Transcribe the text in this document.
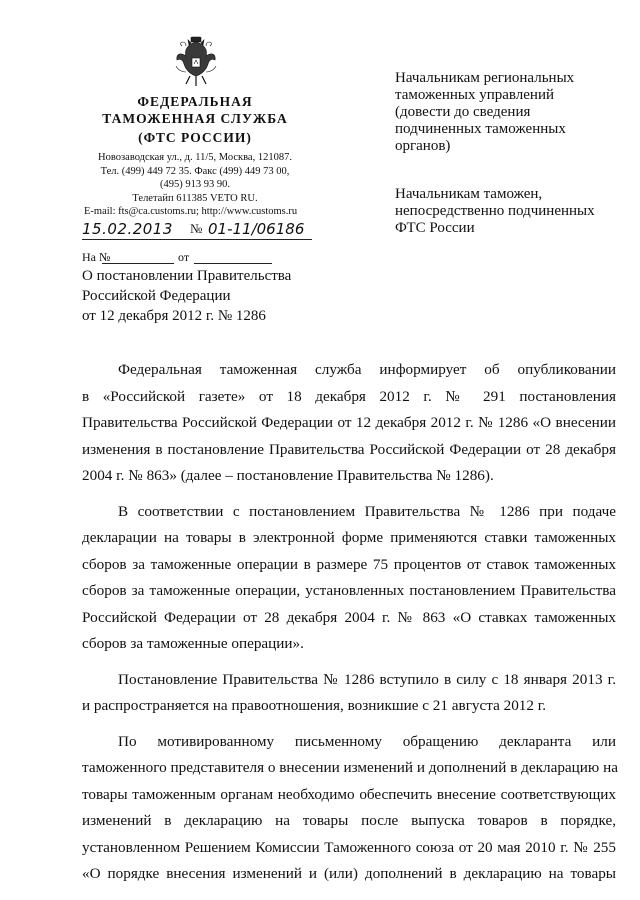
ФЕДЕРАЛЬНАЯ
ТАМОЖЕННАЯ СЛУЖБА
(ФТС РОССИИ)
Новозаводская ул., д. 11/5, Москва, 121087.
Тел. (499) 449 72 35. Факс (499) 449 73 00,
(495) 913 93 90.
Телетайп 611385 VETO RU.
E-mail: fts@ca.customs.ru; http://www.customs.ru
15.02.2013 № 01-11/06186
На №	от
О постановлении Правительства
Российской Федерации
от 12 декабря 2012 г. № 1286
Начальникам региональных
таможенных управлений
(довести до сведения
подчиненных таможенных
органов)
Начальникам таможен,
непосредственно подчиненных
ФТС России

Федеральная таможенная служба информирует об опубликовании
в «Российской газете» от 18 декабря 2012 г. № 291 постановления
Правительства Российской Федерации от 12 декабря 2012 г. № 1286 «О внесении
изменения в постановление Правительства Российской Федерации от 28 декабря
2004 г. № 863» (далее – постановление Правительства № 1286).

В соответствии с постановлением Правительства № 1286 при подаче
декларации на товары в электронной форме применяются ставки таможенных
сборов за таможенные операции в размере 75 процентов от ставок таможенных
сборов за таможенные операции, установленных постановлением Правительства
Российской Федерации от 28 декабря 2004 г. № 863 «О ставках таможенных
сборов за таможенные операции».

Постановление Правительства № 1286 вступило в силу с 18 января 2013 г.
и распространяется на правоотношения, возникшие с 21 августа 2012 г.

По мотивированному письменному обращению декларанта или
таможенного представителя о внесении изменений и дополнений в декларацию на
товары таможенным органам необходимо обеспечить внесение соответствующих
изменений в декларацию на товары после выпуска товаров в порядке,
установленном Решением Комиссии Таможенного союза от 20 мая 2010 г. № 255
«О порядке внесения изменений и (или) дополнений в декларацию на товары
